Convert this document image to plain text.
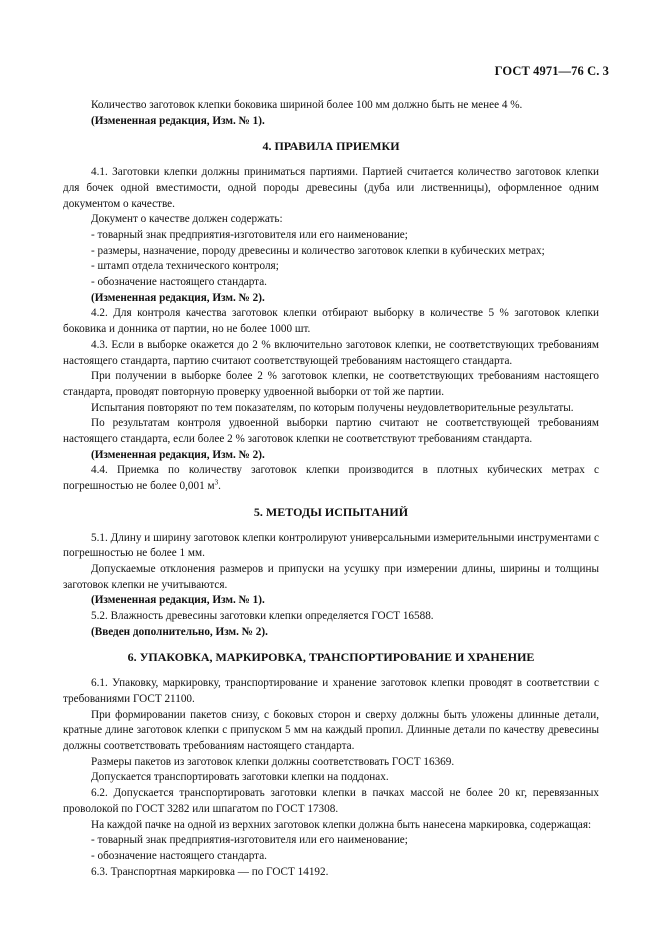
ГОСТ 4971—76 С. 3

Количество заготовок клепки боковика шириной более 100 мм должно быть не менее 4 %.

(Измененная редакция, Изм. № 1).

4. ПРАВИЛА ПРИЕМКИ

4.1. Заготовки клепки должны приниматься партиями. Партией считается количество заготовок клепки для бочек одной вместимости, одной породы древесины (дуба или лиственницы), оформленное одним документом о качестве.

Документ о качестве должен содержать:

- товарный знак предприятия-изготовителя или его наименование;

- размеры, назначение, породу древесины и количество заготовок клепки в кубических метрах;

- штамп отдела технического контроля;

- обозначение настоящего стандарта.

(Измененная редакция, Изм. № 2).

4.2. Для контроля качества заготовок клепки отбирают выборку в количестве 5 % заготовок клепки боковика и донника от партии, но не более 1000 шт.

4.3. Если в выборке окажется до 2 % включительно заготовок клепки, не соответствующих требованиям настоящего стандарта, партию считают соответствующей требованиям настоящего стандарта.

При получении в выборке более 2 % заготовок клепки, не соответствующих требованиям настоящего стандарта, проводят повторную проверку удвоенной выборки от той же партии.

Испытания повторяют по тем показателям, по которым получены неудовлетворительные результаты.

По результатам контроля удвоенной выборки партию считают не соответствующей требованиям настоящего стандарта, если более 2 % заготовок клепки не соответствуют требованиям стандарта.

(Измененная редакция, Изм. № 2).

4.4. Приемка по количеству заготовок клепки производится в плотных кубических метрах с погрешностью не более 0,001 $м^3$.

5. МЕТОДЫ ИСПЫТАНИЙ

5.1. Длину и ширину заготовок клепки контролируют универсальными измерительными инструментами с погрешностью не более 1 мм.

Допускаемые отклонения размеров и припуски на усушку при измерении длины, ширины и толщины заготовок клепки не учитываются.

(Измененная редакция, Изм. № 1).

5.2. Влажность древесины заготовки клепки определяется ГОСТ 16588.

(Введен дополнительно, Изм. № 2).

6. УПАКОВКА, МАРКИРОВКА, ТРАНСПОРТИРОВАНИЕ И ХРАНЕНИЕ

6.1. Упаковку, маркировку, транспортирование и хранение заготовок клепки проводят в соответствии с требованиями ГОСТ 21100.

При формировании пакетов снизу, с боковых сторон и сверху должны быть уложены длинные детали, кратные длине заготовок клепки с припуском 5 мм на каждый пропил. Длинные детали по качеству древесины должны соответствовать требованиям настоящего стандарта.

Размеры пакетов из заготовок клепки должны соответствовать ГОСТ 16369.

Допускается транспортировать заготовки клепки на поддонах.

6.2. Допускается транспортировать заготовки клепки в пачках массой не более 20 кг, перевязанных проволокой по ГОСТ 3282 или шпагатом по ГОСТ 17308.

На каждой пачке на одной из верхних заготовок клепки должна быть нанесена маркировка, содержащая:

- товарный знак предприятия-изготовителя или его наименование;

- обозначение настоящего стандарта.

6.3. Транспортная маркировка — по ГОСТ 14192.
